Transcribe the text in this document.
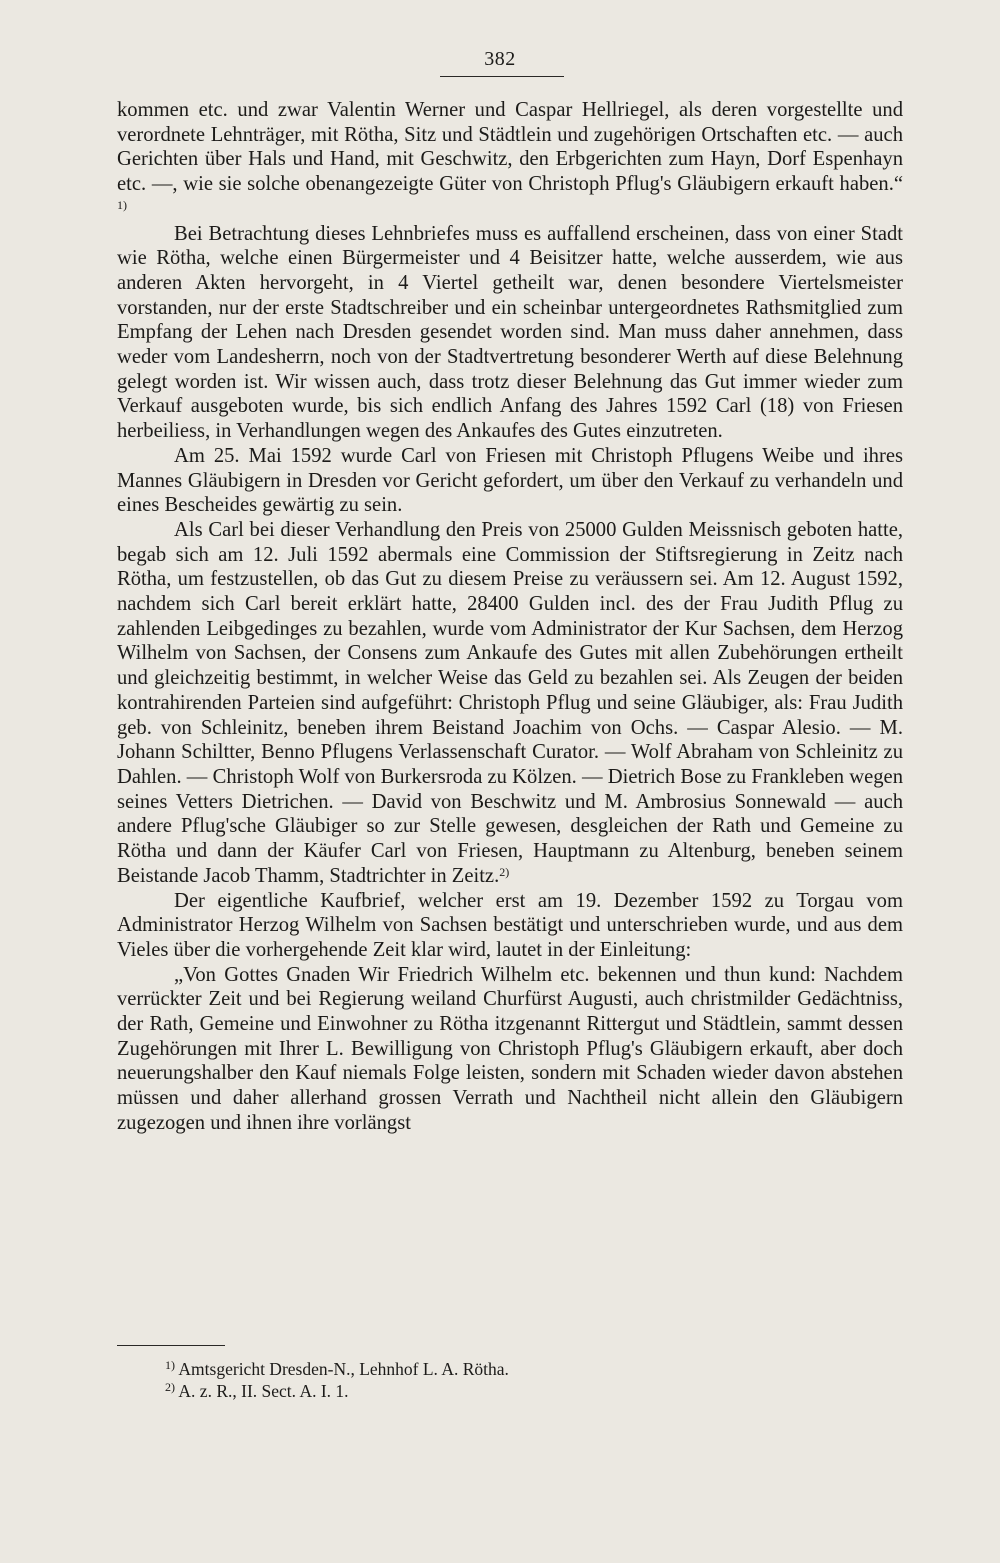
382

kommen etc. und zwar Valentin Werner und Caspar Hellriegel, als deren vorgestellte und verordnete Lehnträger, mit Rötha, Sitz und Städtlein und zugehörigen Ortschaften etc. — auch Gerichten über Hals und Hand, mit Geschwitz, den Erbgerichten zum Hayn, Dorf Espenhayn etc. —, wie sie solche obenangezeigte Güter von Christoph Pflug's Gläubigern erkauft haben.“ $^{1)}$

Bei Betrachtung dieses Lehnbriefes muss es auffallend erscheinen, dass von einer Stadt wie Rötha, welche einen Bürgermeister und 4 Beisitzer hatte, welche ausserdem, wie aus anderen Akten hervorgeht, in 4 Viertel getheilt war, denen besondere Viertelsmeister vorstanden, nur der erste Stadtschreiber und ein scheinbar untergeordnetes Rathsmitglied zum Empfang der Lehen nach Dresden gesendet worden sind. Man muss daher annehmen, dass weder vom Landesherrn, noch von der Stadtvertretung besonderer Werth auf diese Belehnung gelegt worden ist. Wir wissen auch, dass trotz dieser Belehnung das Gut immer wieder zum Verkauf ausgeboten wurde, bis sich endlich Anfang des Jahres 1592 Carl (18) von Friesen herbeiliess, in Verhandlungen wegen des Ankaufes des Gutes einzutreten.

Am 25. Mai 1592 wurde Carl von Friesen mit Christoph Pflugens Weibe und ihres Mannes Gläubigern in Dresden vor Gericht gefordert, um über den Verkauf zu verhandeln und eines Bescheides gewärtig zu sein.

Als Carl bei dieser Verhandlung den Preis von 25000 Gulden Meissnisch geboten hatte, begab sich am 12. Juli 1592 abermals eine Commission der Stiftsregierung in Zeitz nach Rötha, um festzustellen, ob das Gut zu diesem Preise zu veräussern sei. Am 12. August 1592, nachdem sich Carl bereit erklärt hatte, 28400 Gulden incl. des der Frau Judith Pflug zu zahlenden Leibgedinges zu bezahlen, wurde vom Administrator der Kur Sachsen, dem Herzog Wilhelm von Sachsen, der Consens zum Ankaufe des Gutes mit allen Zubehörungen ertheilt und gleichzeitig bestimmt, in welcher Weise das Geld zu bezahlen sei. Als Zeugen der beiden kontrahirenden Parteien sind aufgeführt: Christoph Pflug und seine Gläubiger, als: Frau Judith geb. von Schleinitz, beneben ihrem Beistand Joachim von Ochs. — Caspar Alesio. — M. Johann Schiltter, Benno Pflugens Verlassenschaft Curator. — Wolf Abraham von Schleinitz zu Dahlen. — Christoph Wolf von Burkersroda zu Kölzen. — Dietrich Bose zu Frankleben wegen seines Vetters Dietrichen. — David von Beschwitz und M. Ambrosius Sonnewald — auch andere Pflug'sche Gläubiger so zur Stelle gewesen, desgleichen der Rath und Gemeine zu Rötha und dann der Käufer Carl von Friesen, Hauptmann zu Altenburg, beneben seinem Beistande Jacob Thamm, Stadtrichter in Zeitz.$^{2)}$

Der eigentliche Kaufbrief, welcher erst am 19. Dezember 1592 zu Torgau vom Administrator Herzog Wilhelm von Sachsen bestätigt und unterschrieben wurde, und aus dem Vieles über die vorhergehende Zeit klar wird, lautet in der Einleitung:

„Von Gottes Gnaden Wir Friedrich Wilhelm etc. bekennen und thun kund: Nachdem verrückter Zeit und bei Regierung weiland Churfürst Augusti, auch christmilder Gedächtniss, der Rath, Gemeine und Einwohner zu Rötha itzgenannt Rittergut und Städtlein, sammt dessen Zugehörungen mit Ihrer L. Bewilligung von Christoph Pflug's Gläubigern erkauft, aber doch neuerungshalber den Kauf niemals Folge leisten, sondern mit Schaden wieder davon abstehen müssen und daher allerhand grossen Verrath und Nachtheil nicht allein den Gläubigern zugezogen und ihnen ihre vorlängst

$^{1)}$ Amtsgericht Dresden-N., Lehnhof L. A. Rötha.
$^{2)}$ A. z. R., II. Sect. A. I. 1.
